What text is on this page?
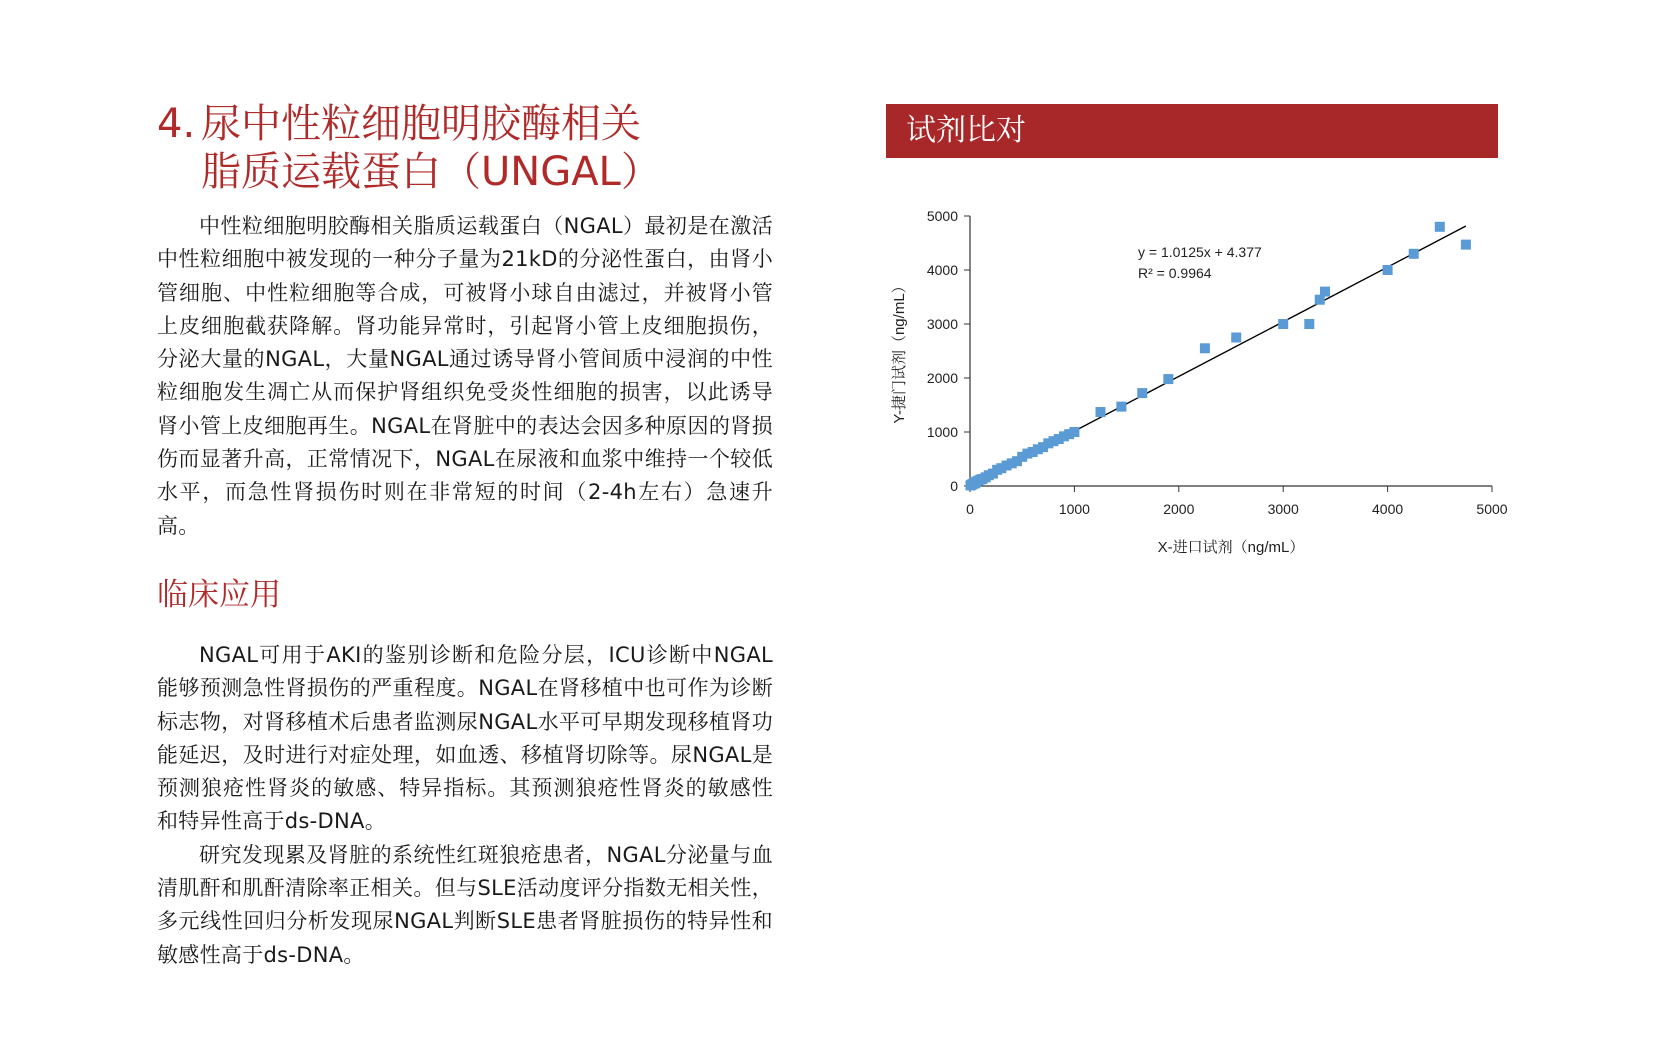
4. 尿中性粒细胞明胶酶相关
脂质运载蛋白（UNGAL）

中性粒细胞明胶酶相关脂质运载蛋白（NGAL）最初是在激活中性粒细胞中被发现的一种分子量为21kD的分泌性蛋白，由肾小管细胞、中性粒细胞等合成，可被肾小球自由滤过，并被肾小管上皮细胞截获降解。肾功能异常时，引起肾小管上皮细胞损伤，分泌大量的NGAL，大量NGAL通过诱导肾小管间质中浸润的中性粒细胞发生凋亡从而保护肾组织免受炎性细胞的损害，以此诱导肾小管上皮细胞再生。NGAL在肾脏中的表达会因多种原因的肾损伤而显著升高，正常情况下，NGAL在尿液和血浆中维持一个较低水平，而急性肾损伤时则在非常短的时间（2-4h左右）急速升高。

临床应用

NGAL可用于AKI的鉴别诊断和危险分层，ICU诊断中NGAL能够预测急性肾损伤的严重程度。NGAL在肾移植中也可作为诊断标志物，对肾移植术后患者监测尿NGAL水平可早期发现移植肾功能延迟，及时进行对症处理，如血透、移植肾切除等。尿NGAL是预测狼疮性肾炎的敏感、特异指标。其预测狼疮性肾炎的敏感性和特异性高于ds-DNA。

研究发现累及肾脏的系统性红斑狼疮患者，NGAL分泌量与血清肌酐和肌酐清除率正相关。但与SLE活动度评分指数无相关性，多元线性回归分析发现尿NGAL判断SLE患者肾脏损伤的特异性和敏感性高于ds-DNA。

试剂比对
0	1000	2000	3000	4000	5000
0
1000
2000
3000
4000
5000
y = 1.0125x + 4.377
R² = 0.9964
X-进口试剂（ng/mL）
Y-捷门试剂（ng/mL）
